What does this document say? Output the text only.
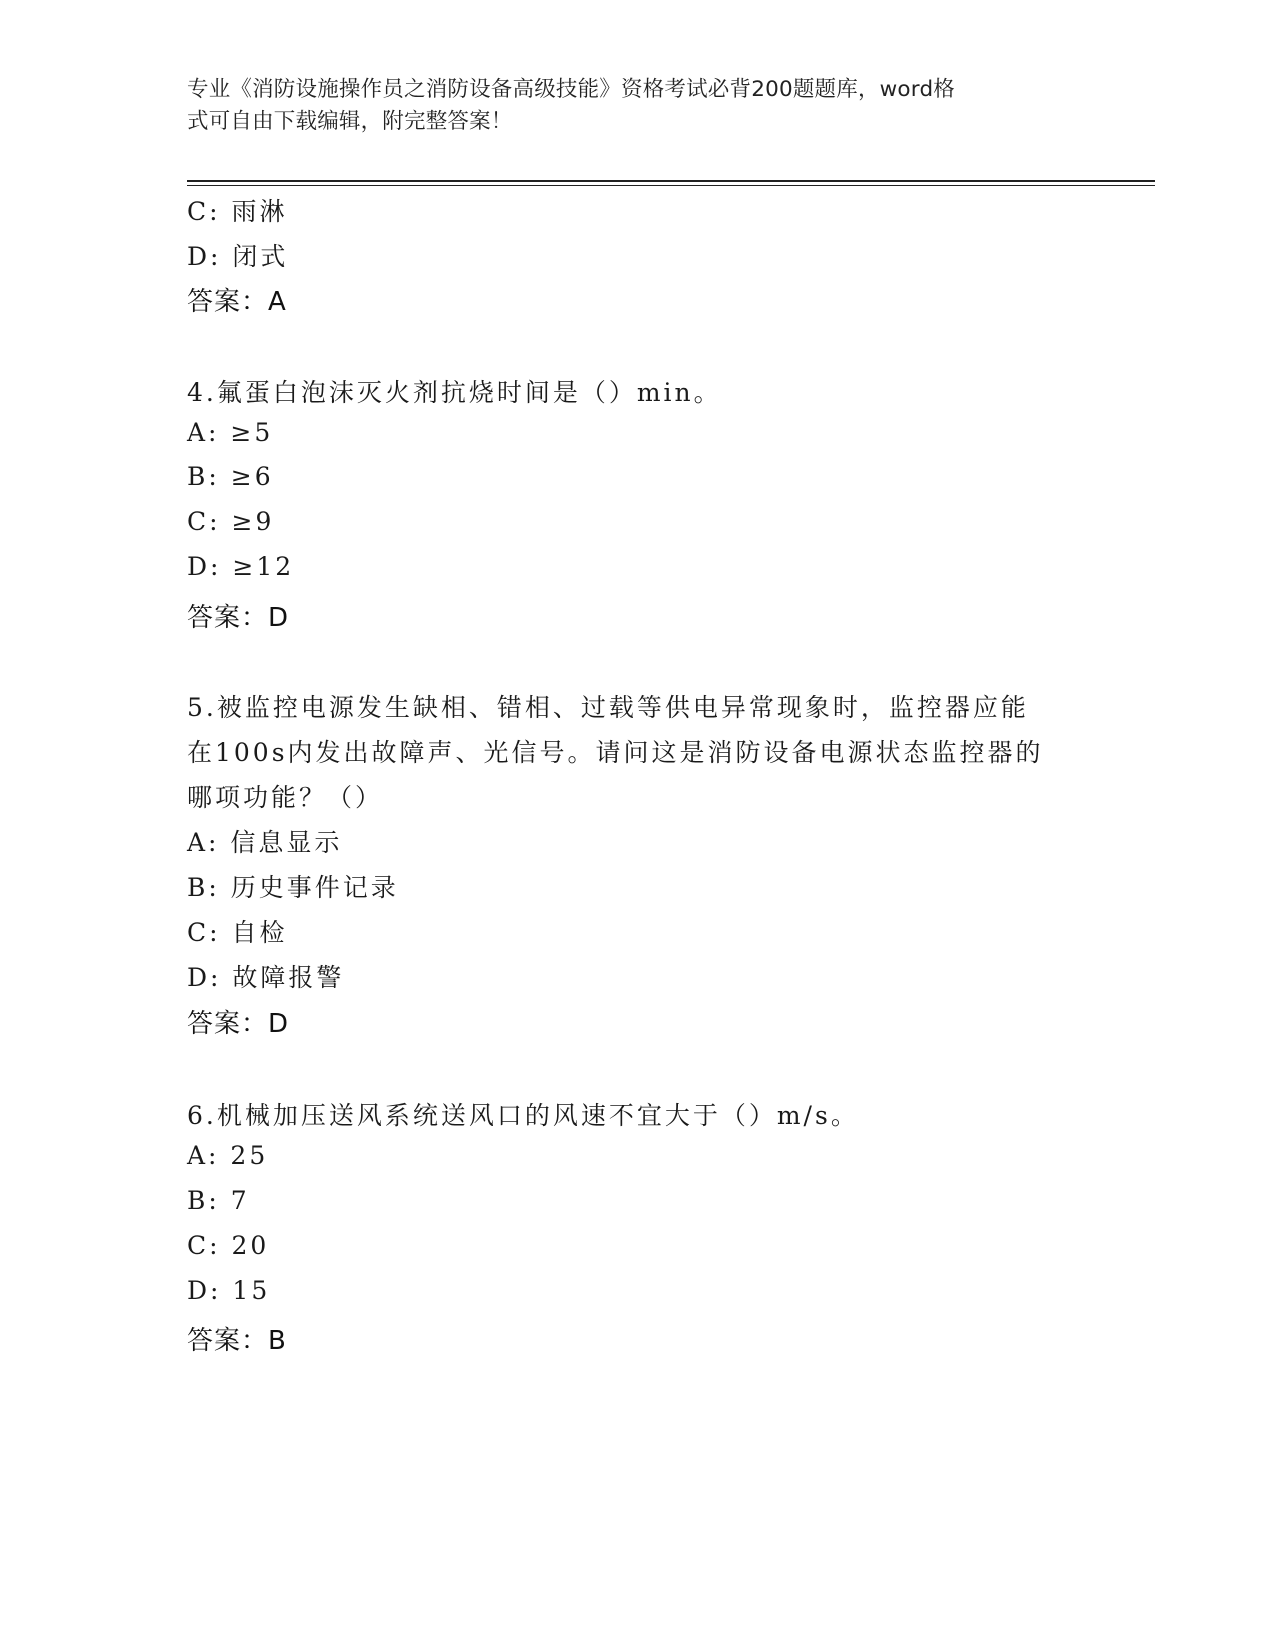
专业《消防设施操作员之消防设备高级技能》资格考试必背200题题库，word格
式可自由下载编辑，附完整答案！
C: 雨淋
D: 闭式
答案：A
4.氟蛋白泡沫灭火剂抗烧时间是（）min。
A: ≥5
B: ≥6
C: ≥9
D: ≥12
答案：D
5.被监控电源发生缺相、错相、过载等供电异常现象时，监控器应能
在100s内发出故障声、光信号。请问这是消防设备电源状态监控器的
哪项功能？（）
A: 信息显示
B: 历史事件记录
C: 自检
D: 故障报警
答案：D
6.机械加压送风系统送风口的风速不宜大于（）m/s。
A: 25
B: 7
C: 20
D: 15
答案：B
